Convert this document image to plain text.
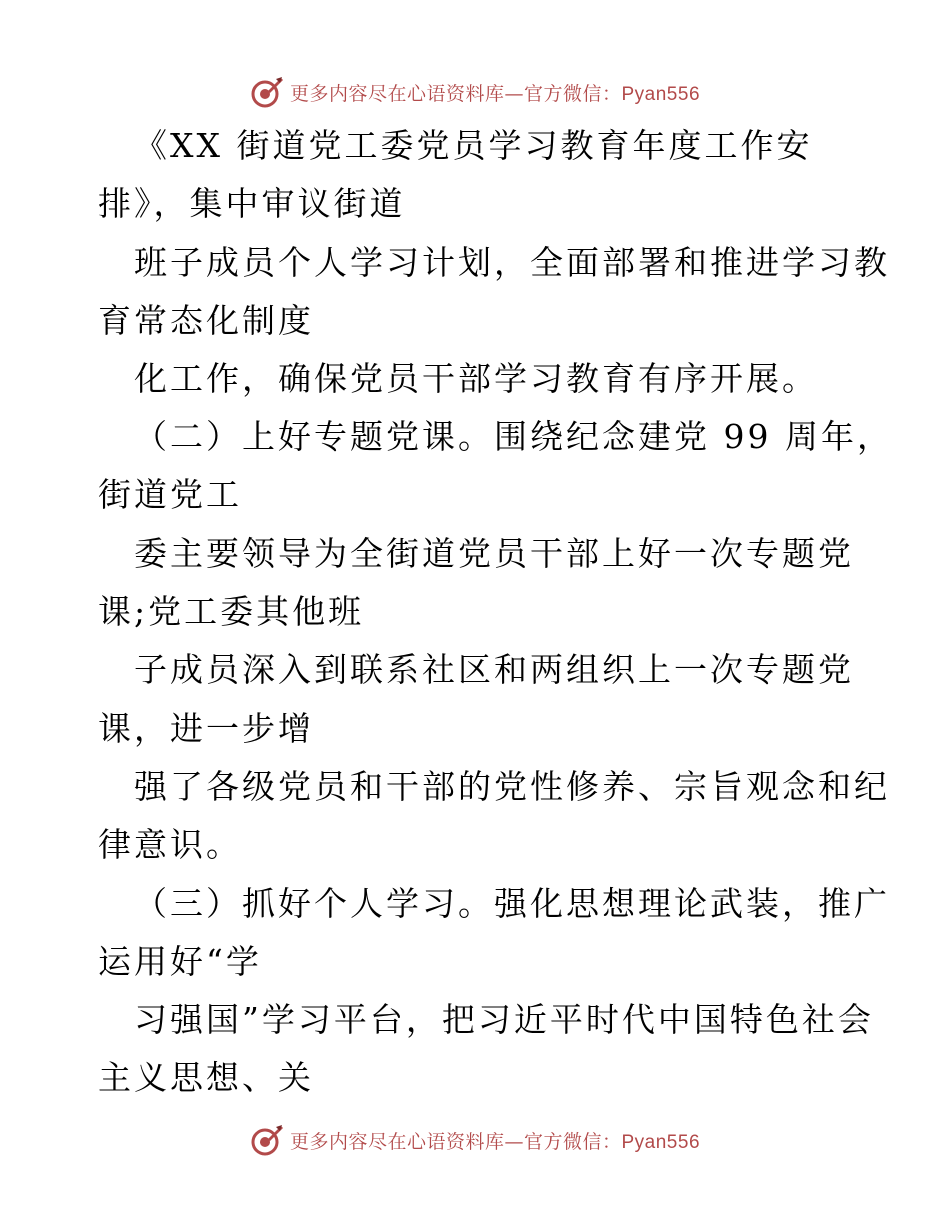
更多内容尽在心语资料库—官方微信：Pyan556
《XX 街道党工委党员学习教育年度工作安
排》，集中审议街道
班子成员个人学习计划，全面部署和推进学习教
育常态化制度
化工作，确保党员干部学习教育有序开展。
（二）上好专题党课。围绕纪念建党 99 周年，
街道党工
委主要领导为全街道党员干部上好一次专题党
课;党工委其他班
子成员深入到联系社区和两组织上一次专题党
课，进一步增
强了各级党员和干部的党性修养、宗旨观念和纪
律意识。
（三）抓好个人学习。强化思想理论武装，推广
运用好“学
习强国”学习平台，把习近平时代中国特色社会
主义思想、关
更多内容尽在心语资料库—官方微信：Pyan556
